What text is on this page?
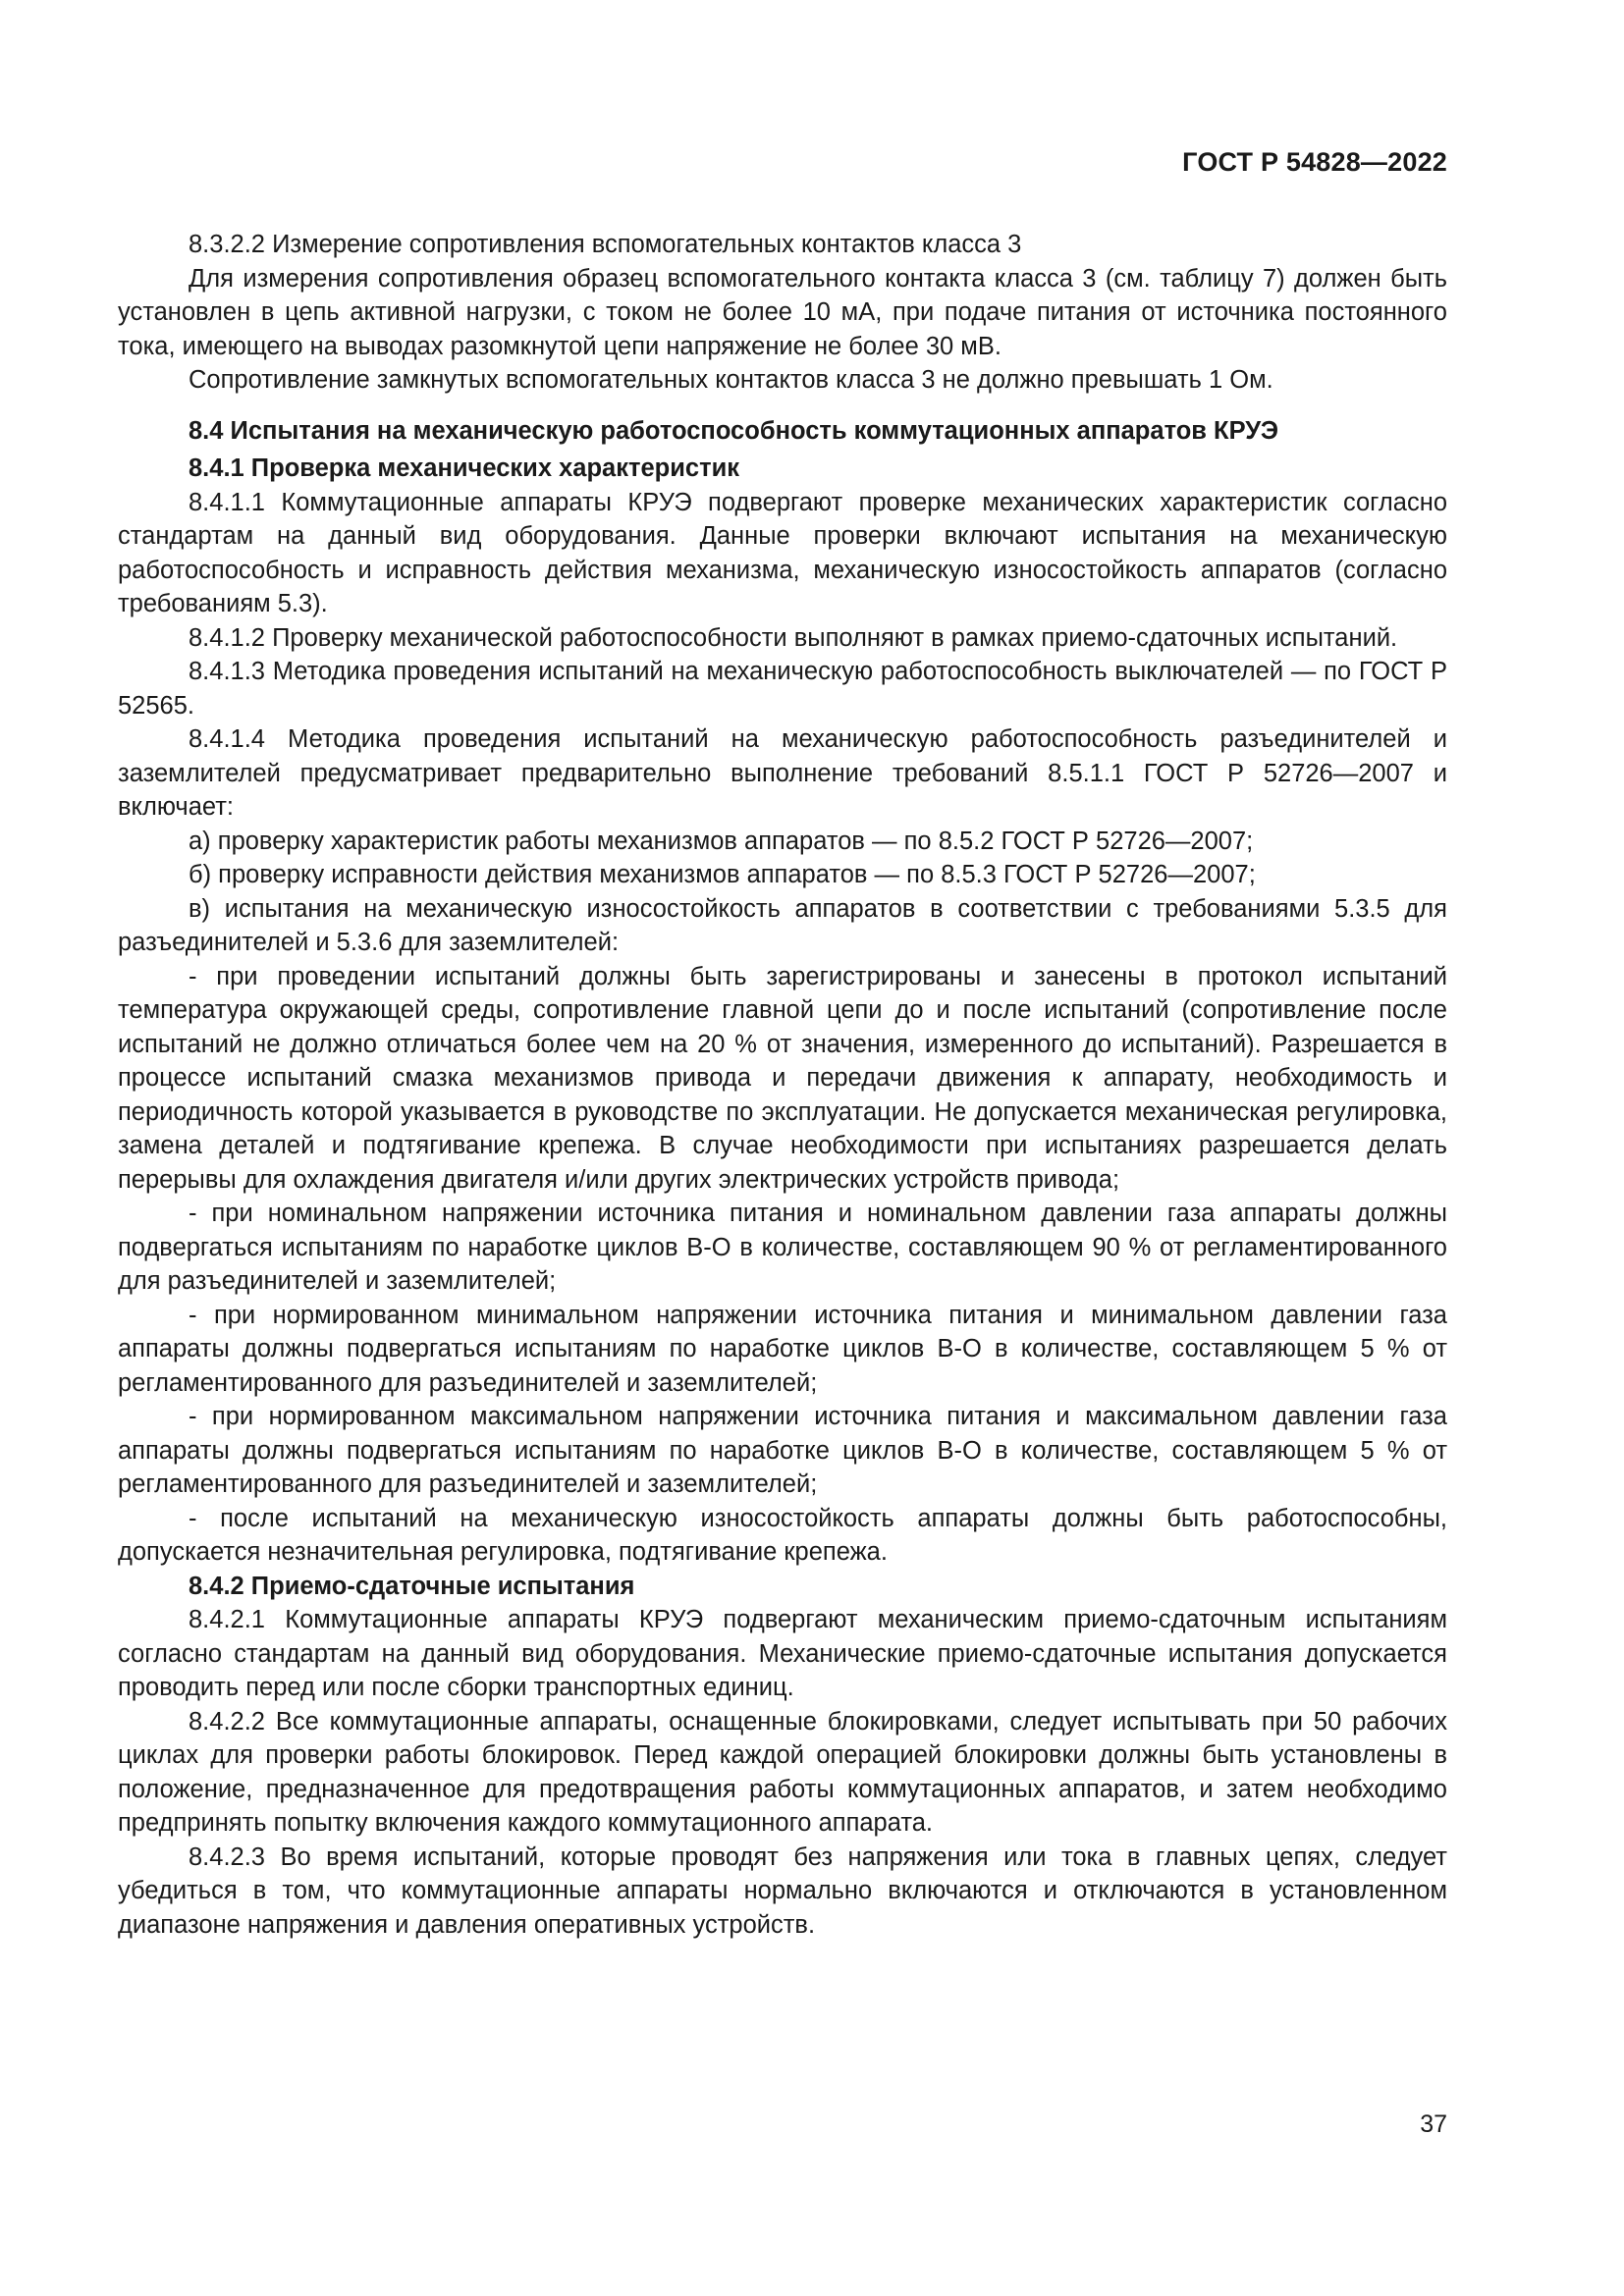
ГОСТ Р 54828—2022

8.3.2.2 Измерение сопротивления вспомогательных контактов класса 3

Для измерения сопротивления образец вспомогательного контакта класса 3 (см. таблицу 7) должен быть установлен в цепь активной нагрузки, с током не более 10 мА, при подаче питания от источника постоянного тока, имеющего на выводах разомкнутой цепи напряжение не более 30 мВ.

Сопротивление замкнутых вспомогательных контактов класса 3 не должно превышать 1 Ом.

8.4 Испытания на механическую работоспособность коммутационных аппаратов КРУЭ

8.4.1 Проверка механических характеристик

8.4.1.1 Коммутационные аппараты КРУЭ подвергают проверке механических характеристик согласно стандартам на данный вид оборудования. Данные проверки включают испытания на механическую работоспособность и исправность действия механизма, механическую износостойкость аппаратов (согласно требованиям 5.3).

8.4.1.2 Проверку механической работоспособности выполняют в рамках приемо-сдаточных испытаний.

8.4.1.3 Методика проведения испытаний на механическую работоспособность выключателей — по ГОСТ Р 52565.

8.4.1.4 Методика проведения испытаний на механическую работоспособность разъединителей и заземлителей предусматривает предварительно выполнение требований 8.5.1.1 ГОСТ Р 52726—2007 и включает:

а) проверку характеристик работы механизмов аппаратов — по 8.5.2 ГОСТ Р 52726—2007;

б) проверку исправности действия механизмов аппаратов — по 8.5.3 ГОСТ Р 52726—2007;

в) испытания на механическую износостойкость аппаратов в соответствии с требованиями 5.3.5 для разъединителей и 5.3.6 для заземлителей:

- при проведении испытаний должны быть зарегистрированы и занесены в протокол испытаний температура окружающей среды, сопротивление главной цепи до и после испытаний (сопротивление после испытаний не должно отличаться более чем на 20 % от значения, измеренного до испытаний). Разрешается в процессе испытаний смазка механизмов привода и передачи движения к аппарату, необходимость и периодичность которой указывается в руководстве по эксплуатации. Не допускается механическая регулировка, замена деталей и подтягивание крепежа. В случае необходимости при испытаниях разрешается делать перерывы для охлаждения двигателя и/или других электрических устройств привода;

- при номинальном напряжении источника питания и номинальном давлении газа аппараты должны подвергаться испытаниям по наработке циклов В-О в количестве, составляющем 90 % от регламентированного для разъединителей и заземлителей;

- при нормированном минимальном напряжении источника питания и минимальном давлении газа аппараты должны подвергаться испытаниям по наработке циклов В-О в количестве, составляющем 5 % от регламентированного для разъединителей и заземлителей;

- при нормированном максимальном напряжении источника питания и максимальном давлении газа аппараты должны подвергаться испытаниям по наработке циклов В-О в количестве, составляющем 5 % от регламентированного для разъединителей и заземлителей;

- после испытаний на механическую износостойкость аппараты должны быть работоспособны, допускается незначительная регулировка, подтягивание крепежа.

8.4.2 Приемо-сдаточные испытания

8.4.2.1 Коммутационные аппараты КРУЭ подвергают механическим приемо-сдаточным испытаниям согласно стандартам на данный вид оборудования. Механические приемо-сдаточные испытания допускается проводить перед или после сборки транспортных единиц.

8.4.2.2 Все коммутационные аппараты, оснащенные блокировками, следует испытывать при 50 рабочих циклах для проверки работы блокировок. Перед каждой операцией блокировки должны быть установлены в положение, предназначенное для предотвращения работы коммутационных аппаратов, и затем необходимо предпринять попытку включения каждого коммутационного аппарата.

8.4.2.3 Во время испытаний, которые проводят без напряжения или тока в главных цепях, следует убедиться в том, что коммутационные аппараты нормально включаются и отключаются в установленном диапазоне напряжения и давления оперативных устройств.

37
